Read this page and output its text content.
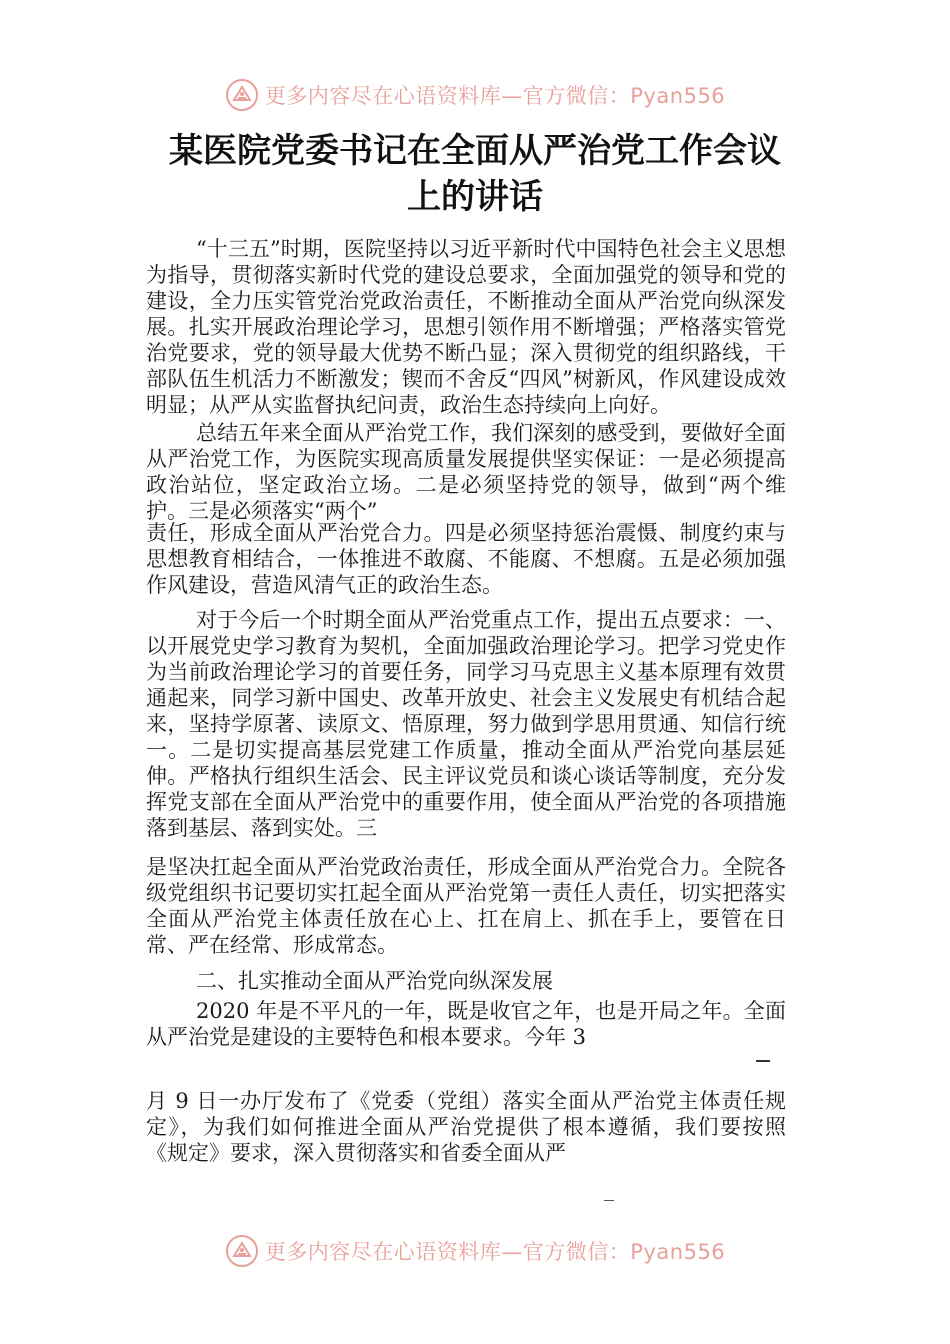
更多内容尽在心语资料库—官方微信：Pyan556
某医院党委书记在全面从严治党工作会议
上的讲话

“十三五”时期，医院坚持以习近平新时代中国特色社会主义思想为指导，贯彻落实新时代党的建设总要求，全面加强党的领导和党的建设，全力压实管党治党政治责任，不断推动全面从严治党向纵深发展。扎实开展政治理论学习，思想引领作用不断增强；严格落实管党治党要求，党的领导最大优势不断凸显；深入贯彻党的组织路线，干部队伍生机活力不断激发；锲而不舍反“四风”树新风，作风建设成效明显；从严从实监督执纪问责，政治生态持续向上向好。

总结五年来全面从严治党工作，我们深刻的感受到，要做好全面从严治党工作，为医院实现高质量发展提供坚实保证：一是必须提高政治站位，坚定政治立场。二是必须坚持党的领导，做到“两个维护。三是必须落实“两个”

责任，形成全面从严治党合力。四是必须坚持惩治震慑、制度约束与思想教育相结合，一体推进不敢腐、不能腐、不想腐。五是必须加强作风建设，营造风清气正的政治生态。

对于今后一个时期全面从严治党重点工作，提出五点要求：一、以开展党史学习教育为契机，全面加强政治理论学习。把学习党史作为当前政治理论学习的首要任务，同学习马克思主义基本原理有效贯通起来，同学习新中国史、改革开放史、社会主义发展史有机结合起来，坚持学原著、读原文、悟原理，努力做到学思用贯通、知信行统一。二是切实提高基层党建工作质量，推动全面从严治党向基层延伸。严格执行组织生活会、民主评议党员和谈心谈话等制度，充分发挥党支部在全面从严治党中的重要作用，使全面从严治党的各项措施落到基层、落到实处。三

是坚决扛起全面从严治党政治责任，形成全面从严治党合力。全院各级党组织书记要切实扛起全面从严治党第一责任人责任，切实把落实全面从严治党主体责任放在心上、扛在肩上、抓在手上，要管在日常、严在经常、形成常态。

二、扎实推动全面从严治党向纵深发展

2020 年是不平凡的一年，既是收官之年，也是开局之年。全面从严治党是建设的主要特色和根本要求。今年 3

月 9 日一办厅发布了《党委（党组）落实全面从严治党主体责任规定》，为我们如何推进全面从严治党提供了根本遵循，我们要按照《规定》要求，深入贯彻落实和省委全面从严

更多内容尽在心语资料库—官方微信：Pyan556
